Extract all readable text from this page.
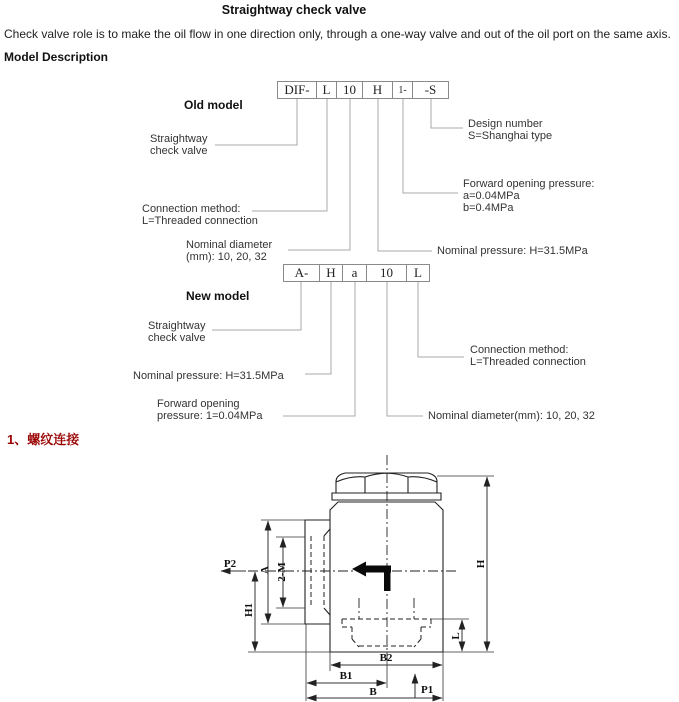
A 2-M
H1
H
L
B2
B1
B	P1
P2
Straightway check valve
Check valve role is to make the oil flow in one direction only, through a one-way valve and out of the oil port on the same axis.
Model Description
1、螺纹连接
Old model
DIF- L 10	H	1-	-S
Straightway
check valve
Connection method:
L=Threaded connection
Nominal diameter
(mm): 10, 20, 32	Nominal pressure: H=31.5MPa
Forward opening pressure:
a=0.04MPa
b=0.4MPa
Design number
S=Shanghai type
New model
A-	H	a	10	L
Straightway
check valve
Nominal pressure: H=31.5MPa
Forward opening
pressure: 1=0.04MPa	Nominal diameter(mm): 10, 20, 32
Connection method:
L=Threaded connection
